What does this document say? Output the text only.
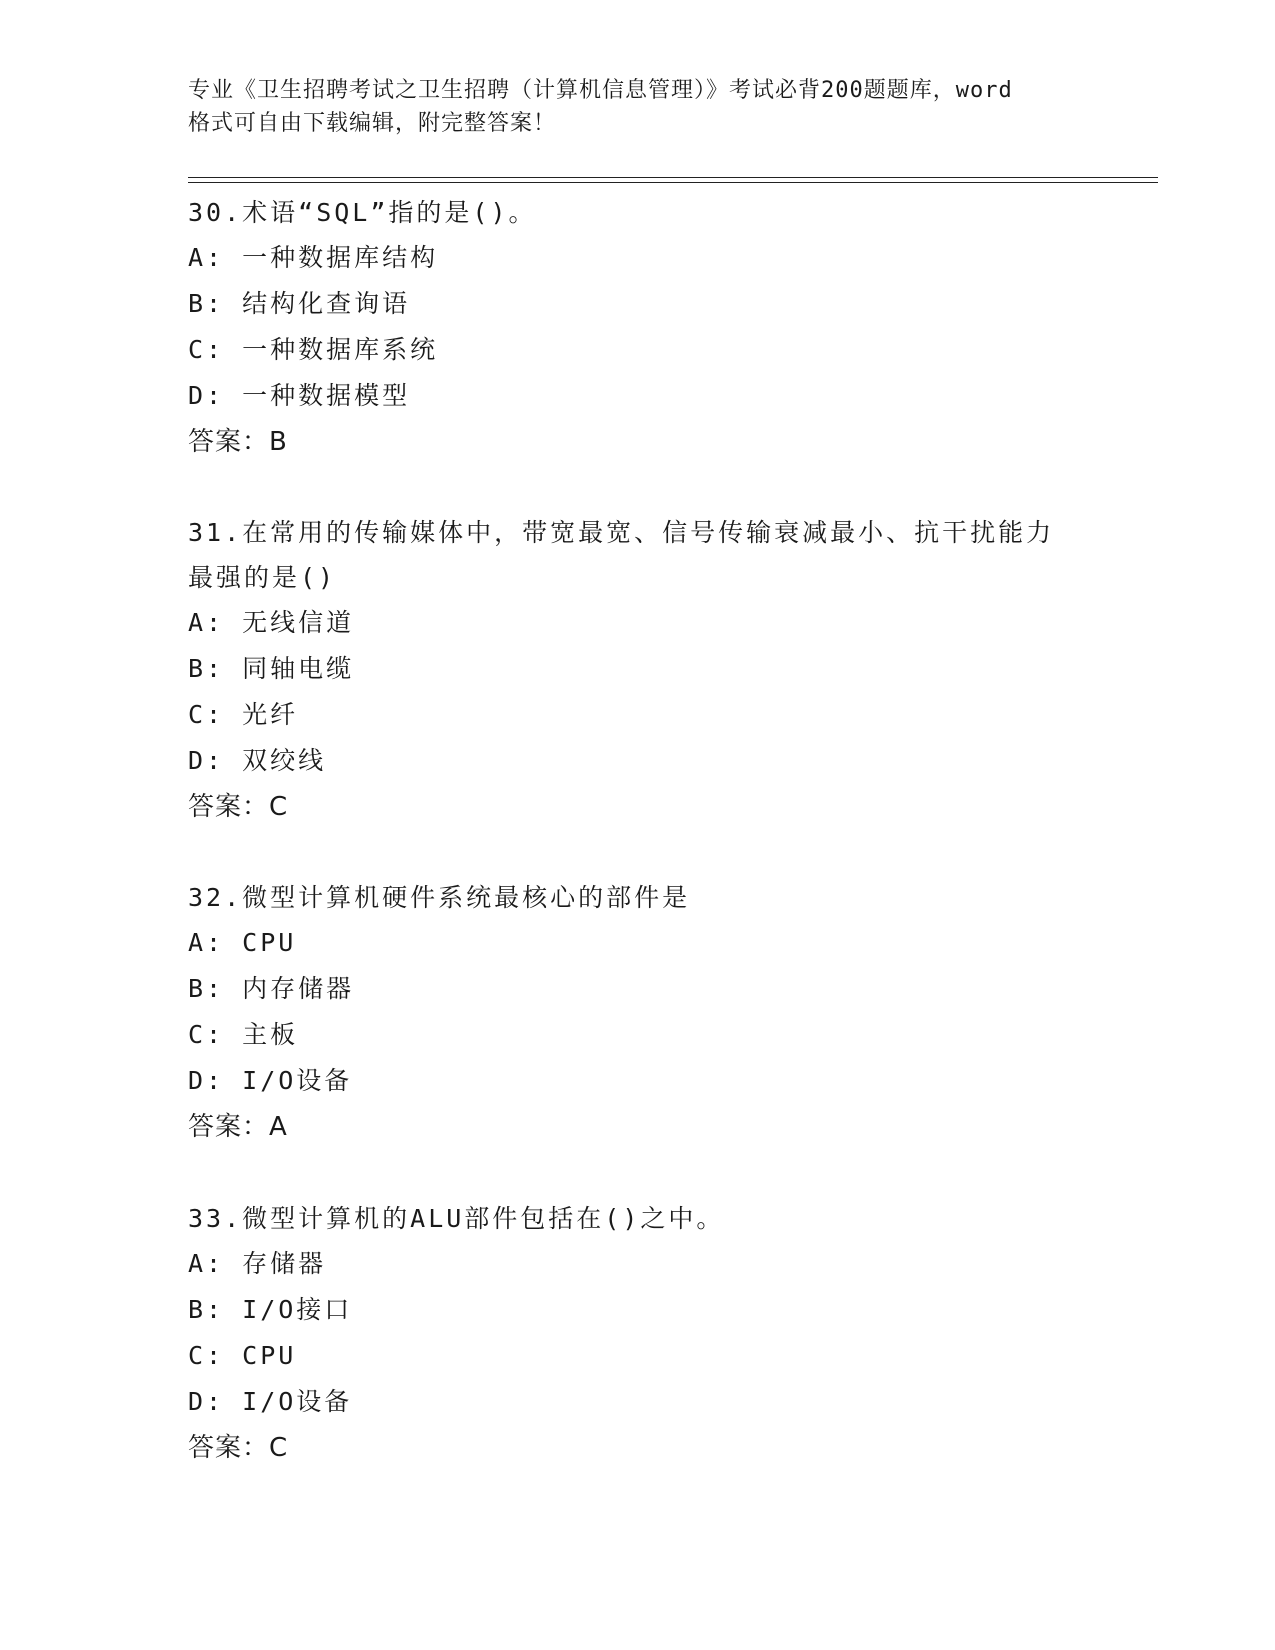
专业《卫生招聘考试之卫生招聘（计算机信息管理）》考试必背200题题库，word
格式可自由下载编辑，附完整答案！
30.术语“SQL”指的是()。
A: 一种数据库结构
B: 结构化查询语
C: 一种数据库系统
D: 一种数据模型
答案：B
31.在常用的传输媒体中，带宽最宽、信号传输衰减最小、抗干扰能力
最强的是()
A: 无线信道
B: 同轴电缆
C: 光纤
D: 双绞线
答案：C
32.微型计算机硬件系统最核心的部件是
A: CPU
B: 内存储器
C: 主板
D: I/O设备
答案：A
33.微型计算机的ALU部件包括在()之中。
A: 存储器
B: I/O接口
C: CPU
D: I/O设备
答案：C
